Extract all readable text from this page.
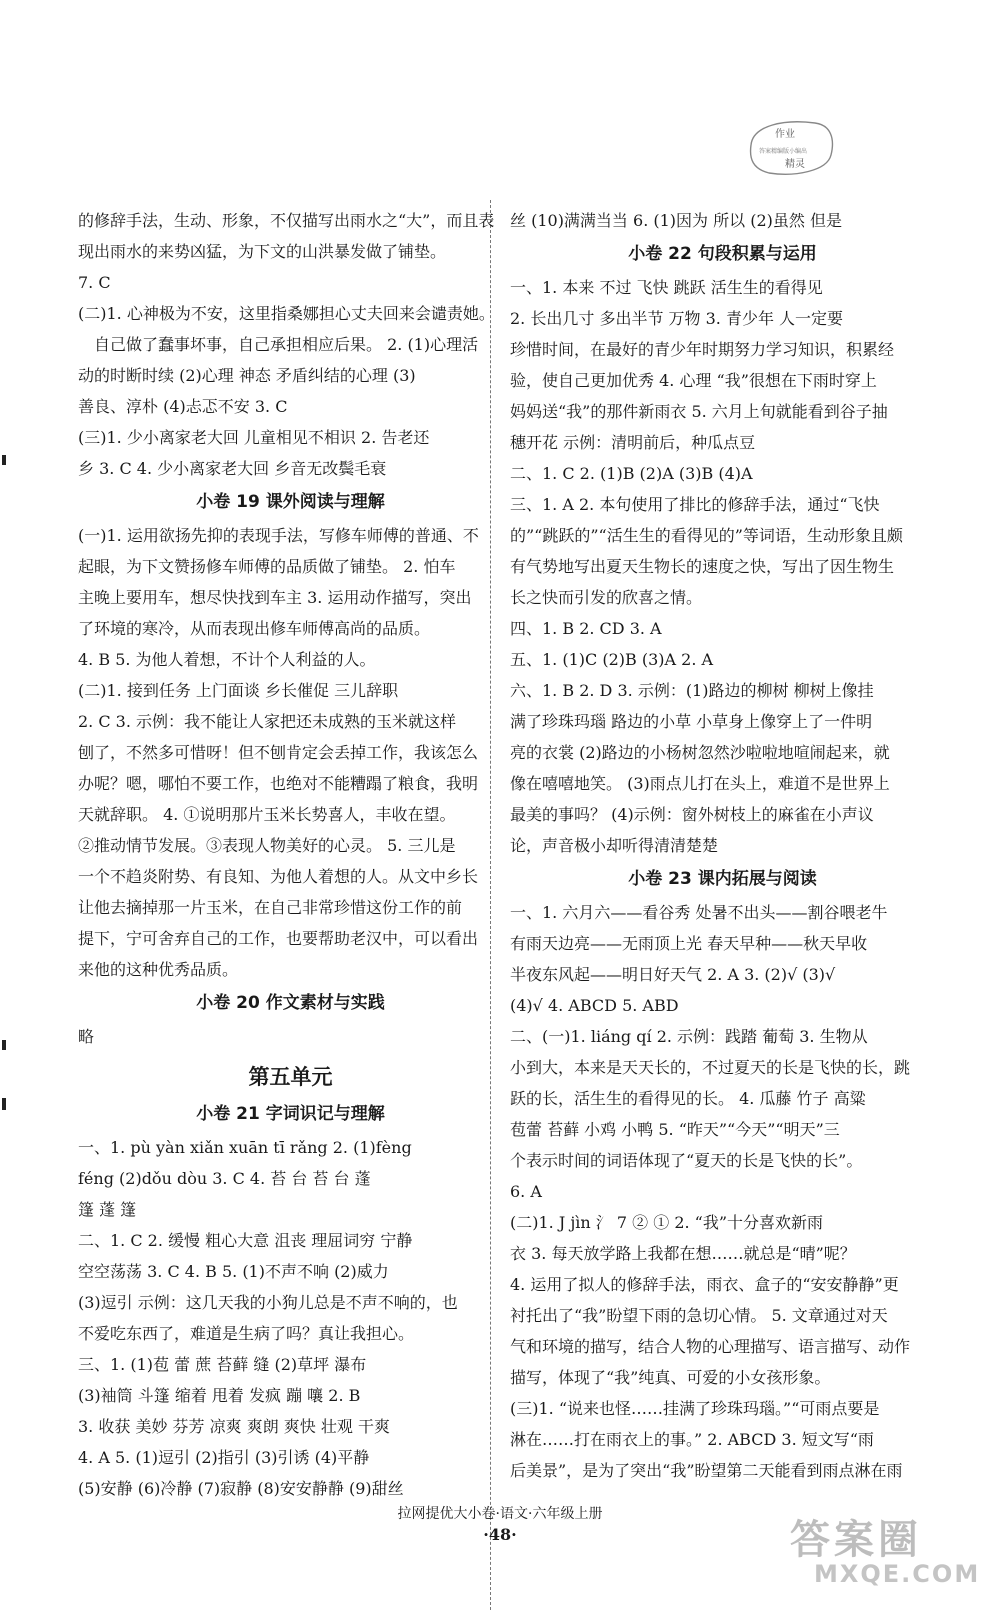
作业
答案精编版小编出
精灵
的修辞手法，生动、形象，不仅描写出雨水之“大”，而且表
现出雨水的来势凶猛，为下文的山洪暴发做了铺垫。
7. C
(二)1. 心神极为不安，这里指桑娜担心丈夫回来会谴责她。
自己做了蠢事坏事，自己承担相应后果。 2. (1)心理活
动的时断时续 (2)心理 神态 矛盾纠结的心理 (3)
善良、淳朴 (4)忐忑不安 3. C
(三)1. 少小离家老大回 儿童相见不相识 2. 告老还
乡 3. C 4. 少小离家老大回 乡音无改鬓毛衰
小卷 19 课外阅读与理解
(一)1. 运用欲扬先抑的表现手法，写修车师傅的普通、不
起眼，为下文赞扬修车师傅的品质做了铺垫。 2. 怕车
主晚上要用车，想尽快找到车主 3. 运用动作描写，突出
了环境的寒冷，从而表现出修车师傅高尚的品质。
4. B 5. 为他人着想，不计个人利益的人。
(二)1. 接到任务 上门面谈 乡长催促 三儿辞职
2. C 3. 示例：我不能让人家把还未成熟的玉米就这样
刨了，不然多可惜呀！但不刨肯定会丢掉工作，我该怎么
办呢？嗯，哪怕不要工作，也绝对不能糟蹋了粮食，我明
天就辞职。 4. ①说明那片玉米长势喜人，丰收在望。
②推动情节发展。③表现人物美好的心灵。 5. 三儿是
一个不趋炎附势、有良知、为他人着想的人。从文中乡长
让他去摘掉那一片玉米，在自己非常珍惜这份工作的前
提下，宁可舍弃自己的工作，也要帮助老汉中，可以看出
来他的这种优秀品质。
小卷 20 作文素材与实践
略
第五单元
小卷 21 字词识记与理解
一、1. pù yàn xiǎn xuān tī rǎng 2. (1)fèng
féng (2)dǒu dòu 3. C 4. 苔 台 苔 台 蓬
篷 蓬 篷
二、1. C 2. 缓慢 粗心大意 沮丧 理屈词穷 宁静
空空荡荡 3. C 4. B 5. (1)不声不响 (2)威力
(3)逗引 示例：这几天我的小狗儿总是不声不响的，也
不爱吃东西了，难道是生病了吗？真让我担心。
三、1. (1)苞 蕾 蔗 苔藓 缝 (2)草坪 瀑布
(3)袖筒 斗篷 缩着 甩着 发疯 蹦 嚷 2. B
3. 收获 美妙 芬芳 凉爽 爽朗 爽快 壮观 干爽
4. A 5. (1)逗引 (2)指引 (3)引诱 (4)平静
(5)安静 (6)冷静 (7)寂静 (8)安安静静 (9)甜丝
丝 (10)满满当当 6. (1)因为 所以 (2)虽然 但是
小卷 22 句段积累与运用
一、1. 本来 不过 飞快 跳跃 活生生的看得见
2. 长出几寸 多出半节 万物 3. 青少年 人一定要
珍惜时间，在最好的青少年时期努力学习知识，积累经
验，使自己更加优秀 4. 心理 “我”很想在下雨时穿上
妈妈送“我”的那件新雨衣 5. 六月上旬就能看到谷子抽
穗开花 示例：清明前后，种瓜点豆
二、1. C 2. (1)B (2)A (3)B (4)A
三、1. A 2. 本句使用了排比的修辞手法，通过“飞快
的”“跳跃的”“活生生的看得见的”等词语，生动形象且颇
有气势地写出夏天生物长的速度之快，写出了因生物生
长之快而引发的欣喜之情。
四、1. B 2. CD 3. A
五、1. (1)C (2)B (3)A 2. A
六、1. B 2. D 3. 示例：(1)路边的柳树 柳树上像挂
满了珍珠玛瑙 路边的小草 小草身上像穿上了一件明
亮的衣裳 (2)路边的小杨树忽然沙啦啦地喧闹起来，就
像在嘻嘻地笑。 (3)雨点儿打在头上，难道不是世界上
最美的事吗？ (4)示例：窗外树枝上的麻雀在小声议
论，声音极小却听得清清楚楚
小卷 23 课内拓展与阅读
一、1. 六月六——看谷秀 处暑不出头——割谷喂老牛
有雨天边亮——无雨顶上光 春天早种——秋天早收
半夜东风起——明日好天气 2. A 3. (2)√ (3)√
(4)√ 4. ABCD 5. ABD
二、(一)1. liáng qí 2. 示例：践踏 葡萄 3. 生物从
小到大，本来是天天长的，不过夏天的长是飞快的长，跳
跃的长，活生生的看得见的长。 4. 瓜藤 竹子 高粱
苞蕾 苔藓 小鸡 小鸭 5. “昨天”“今天”“明天”三
个表示时间的词语体现了“夏天的长是飞快的长”。
6. A
(二)1. J jìn 氵 7 ② ① 2. “我”十分喜欢新雨
衣 3. 每天放学路上我都在想……就总是“晴”呢？
4. 运用了拟人的修辞手法，雨衣、盒子的“安安静静”更
衬托出了“我”盼望下雨的急切心情。 5. 文章通过对天
气和环境的描写，结合人物的心理描写、语言描写、动作
描写，体现了“我”纯真、可爱的小女孩形象。
(三)1. “说来也怪……挂满了珍珠玛瑙。”“可雨点要是
淋在……打在雨衣上的事。” 2. ABCD 3. 短文写“雨
后美景”，是为了突出“我”盼望第二天能看到雨点淋在雨
拉网提优大小卷·语文·六年级上册
·48·	答案圈
MXQE.COM
